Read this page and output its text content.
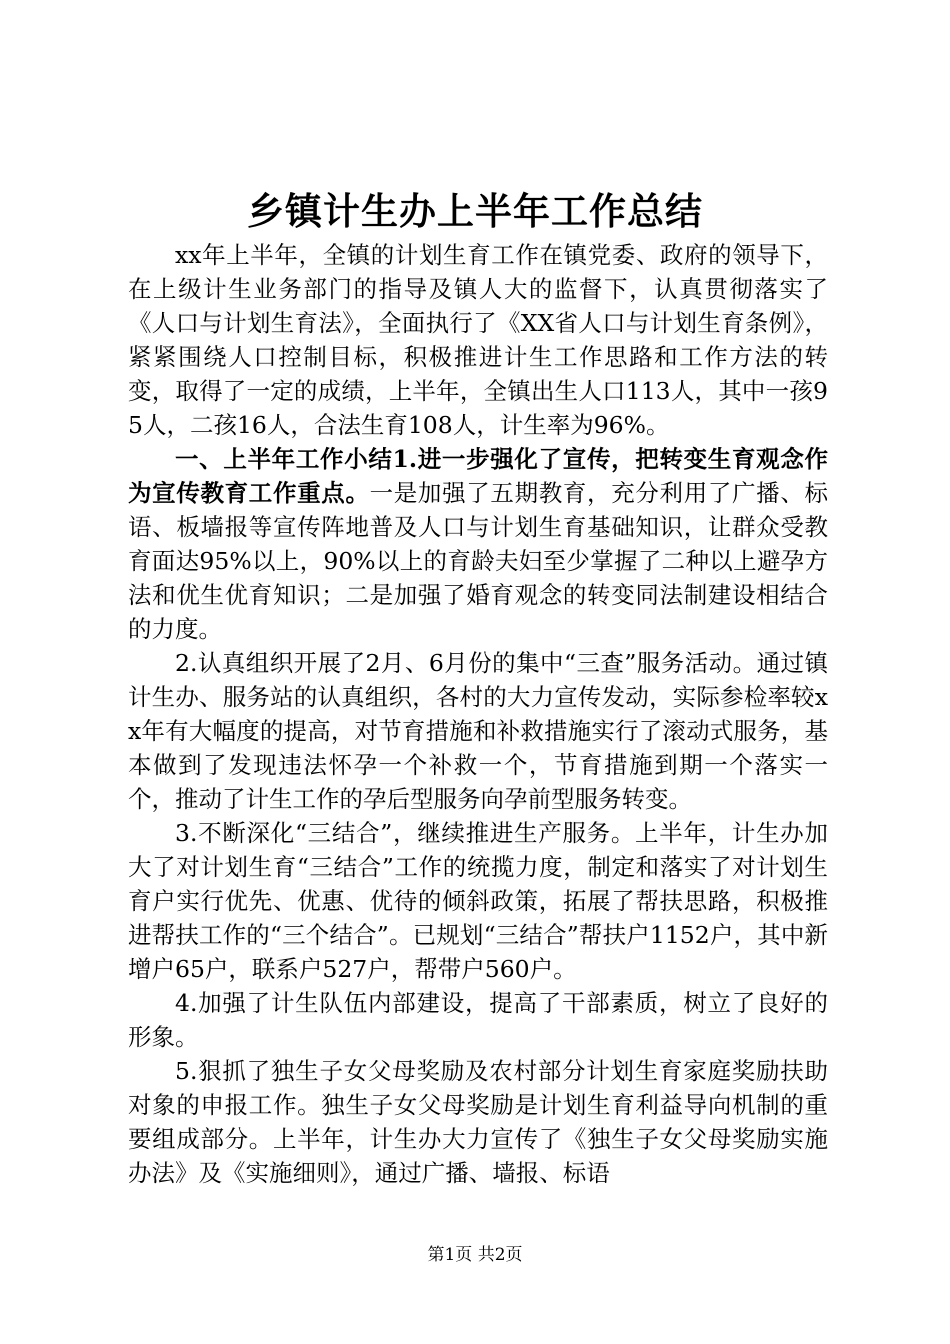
乡镇计生办上半年工作总结

xx年上半年，全镇的计划生育工作在镇党委、政府的领导下，在上级计生业务部门的指导及镇人大的监督下，认真贯彻落实了《人口与计划生育法》，全面执行了《XX省人口与计划生育条例》，紧紧围绕人口控制目标，积极推进计生工作思路和工作方法的转变，取得了一定的成绩，上半年，全镇出生人口113人，其中一孩95人，二孩16人，合法生育108人，计生率为96%。

一、上半年工作小结1.进一步强化了宣传，把转变生育观念作为宣传教育工作重点。一是加强了五期教育，充分利用了广播、标语、板墙报等宣传阵地普及人口与计划生育基础知识，让群众受教育面达95%以上，90%以上的育龄夫妇至少掌握了二种以上避孕方法和优生优育知识；二是加强了婚育观念的转变同法制建设相结合的力度。

2.认真组织开展了2月、6月份的集中“三查”服务活动。通过镇计生办、服务站的认真组织，各村的大力宣传发动，实际参检率较xx年有大幅度的提高，对节育措施和补救措施实行了滚动式服务，基本做到了发现违法怀孕一个补救一个，节育措施到期一个落实一个，推动了计生工作的孕后型服务向孕前型服务转变。

3.不断深化“三结合”，继续推进生产服务。上半年，计生办加大了对计划生育“三结合”工作的统揽力度，制定和落实了对计划生育户实行优先、优惠、优待的倾斜政策，拓展了帮扶思路，积极推进帮扶工作的“三个结合”。已规划“三结合”帮扶户1152户，其中新增户65户，联系户527户，帮带户560户。

4.加强了计生队伍内部建设，提高了干部素质，树立了良好的形象。

5.狠抓了独生子女父母奖励及农村部分计划生育家庭奖励扶助对象的申报工作。独生子女父母奖励是计划生育利益导向机制的重要组成部分。上半年，计生办大力宣传了《独生子女父母奖励实施办法》及《实施细则》，通过广播、墙报、标语

第1页 共2页
